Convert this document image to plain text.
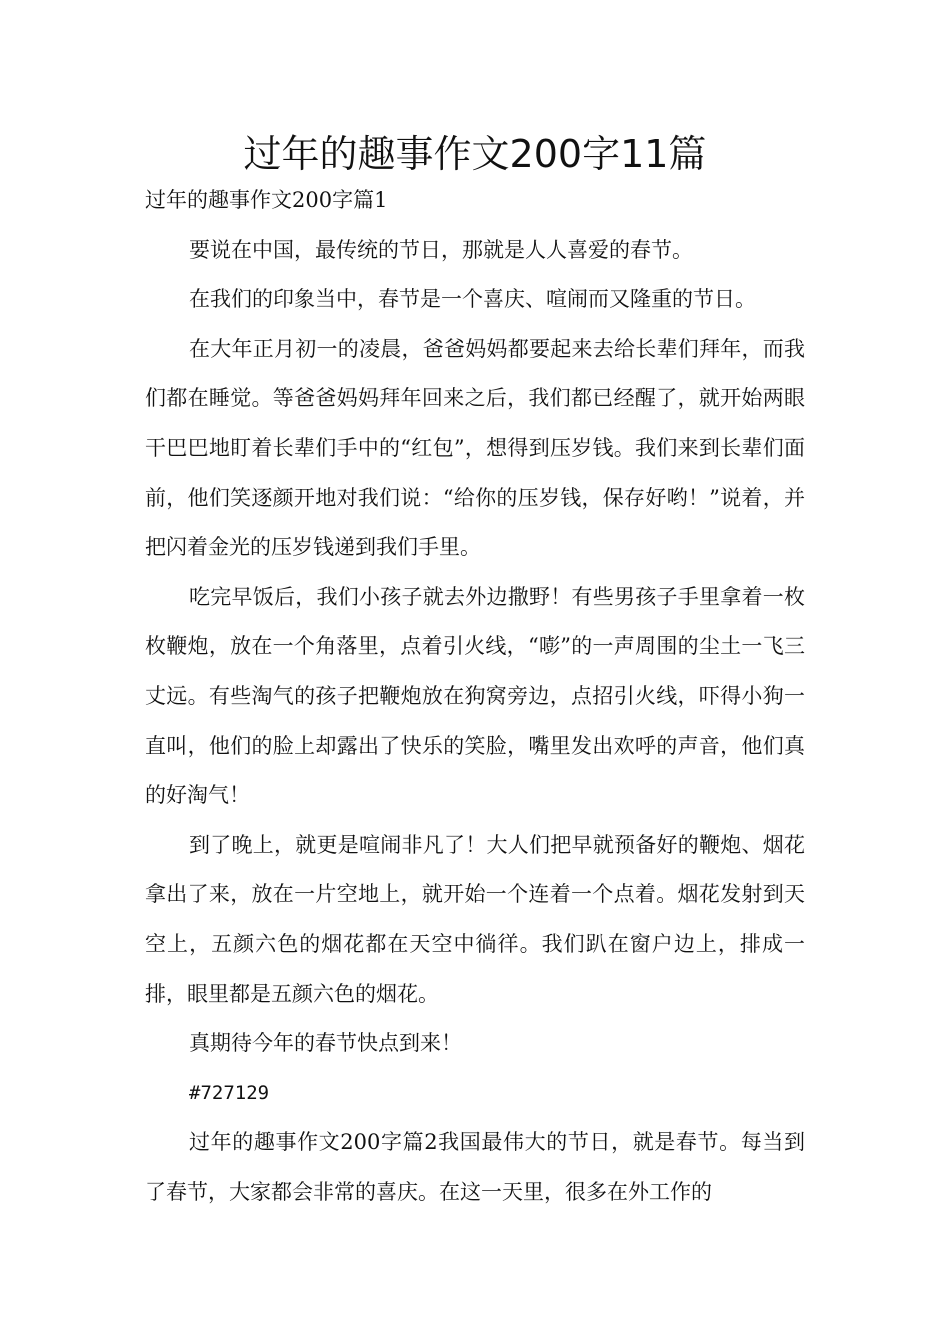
过年的趣事作文200字11篇

过年的趣事作文200字篇1

要说在中国，最传统的节日，那就是人人喜爱的春节。

在我们的印象当中，春节是一个喜庆、喧闹而又隆重的节日。

在大年正月初一的凌晨，爸爸妈妈都要起来去给长辈们拜年，而我们都在睡觉。等爸爸妈妈拜年回来之后，我们都已经醒了，就开始两眼干巴巴地盯着长辈们手中的“红包”，想得到压岁钱。我们来到长辈们面前，他们笑逐颜开地对我们说：“给你的压岁钱，保存好哟！”说着，并把闪着金光的压岁钱递到我们手里。

吃完早饭后，我们小孩子就去外边撒野！有些男孩子手里拿着一枚枚鞭炮，放在一个角落里，点着引火线，“嘭”的一声周围的尘土一飞三丈远。有些淘气的孩子把鞭炮放在狗窝旁边，点招引火线，吓得小狗一直叫，他们的脸上却露出了快乐的笑脸，嘴里发出欢呼的声音，他们真的好淘气！

到了晚上，就更是喧闹非凡了！大人们把早就预备好的鞭炮、烟花拿出了来，放在一片空地上，就开始一个连着一个点着。烟花发射到天空上，五颜六色的烟花都在天空中徜徉。我们趴在窗户边上，排成一排，眼里都是五颜六色的烟花。

真期待今年的春节快点到来！

#727129

过年的趣事作文200字篇2我国最伟大的节日，就是春节。每当到了春节，大家都会非常的喜庆。在这一天里，很多在外工作的
